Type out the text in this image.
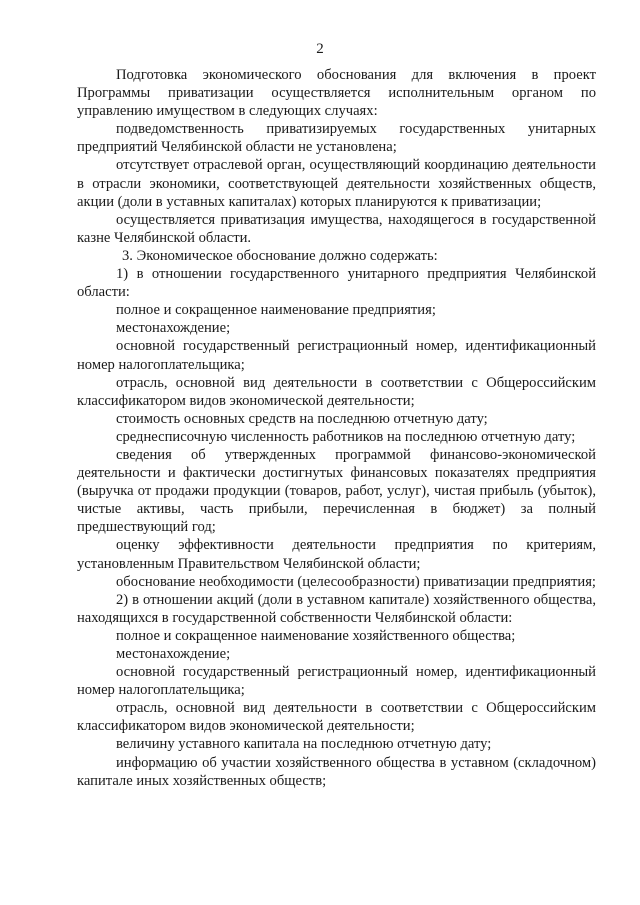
2

Подготовка экономического обоснования для включения в проект Программы приватизации осуществляется исполнительным органом по управлению имуществом в следующих случаях:

подведомственность приватизируемых государственных унитарных предприятий Челябинской области не установлена;

отсутствует отраслевой орган, осуществляющий координацию деятельности в отрасли экономики, соответствующей деятельности хозяйственных обществ, акции (доли в уставных капиталах) которых планируются к приватизации;

осуществляется приватизация имущества, находящегося в государственной казне Челябинской области.

3. Экономическое обоснование должно содержать:

1) в отношении государственного унитарного предприятия Челябинской области:

полное и сокращенное наименование предприятия;

местонахождение;

основной государственный регистрационный номер, идентификационный номер налогоплательщика;

отрасль, основной вид деятельности в соответствии с Общероссийским классификатором видов экономической деятельности;

стоимость основных средств на последнюю отчетную дату;

среднесписочную численность работников на последнюю отчетную дату;

сведения об утвержденных программой финансово-экономической деятельности и фактически достигнутых финансовых показателях предприятия (выручка от продажи продукции (товаров, работ, услуг), чистая прибыль (убыток), чистые активы, часть прибыли, перечисленная в бюджет) за полный предшествующий год;

оценку эффективности деятельности предприятия по критериям, установленным Правительством Челябинской области;

обоснование необходимости (целесообразности) приватизации предприятия;

2) в отношении акций (доли в уставном капитале) хозяйственного общества, находящихся в государственной собственности Челябинской области:

полное и сокращенное наименование хозяйственного общества;

местонахождение;

основной государственный регистрационный номер, идентификационный номер налогоплательщика;

отрасль, основной вид деятельности в соответствии с Общероссийским классификатором видов экономической деятельности;

величину уставного капитала на последнюю отчетную дату;

информацию об участии хозяйственного общества в уставном (складочном) капитале иных хозяйственных обществ;
